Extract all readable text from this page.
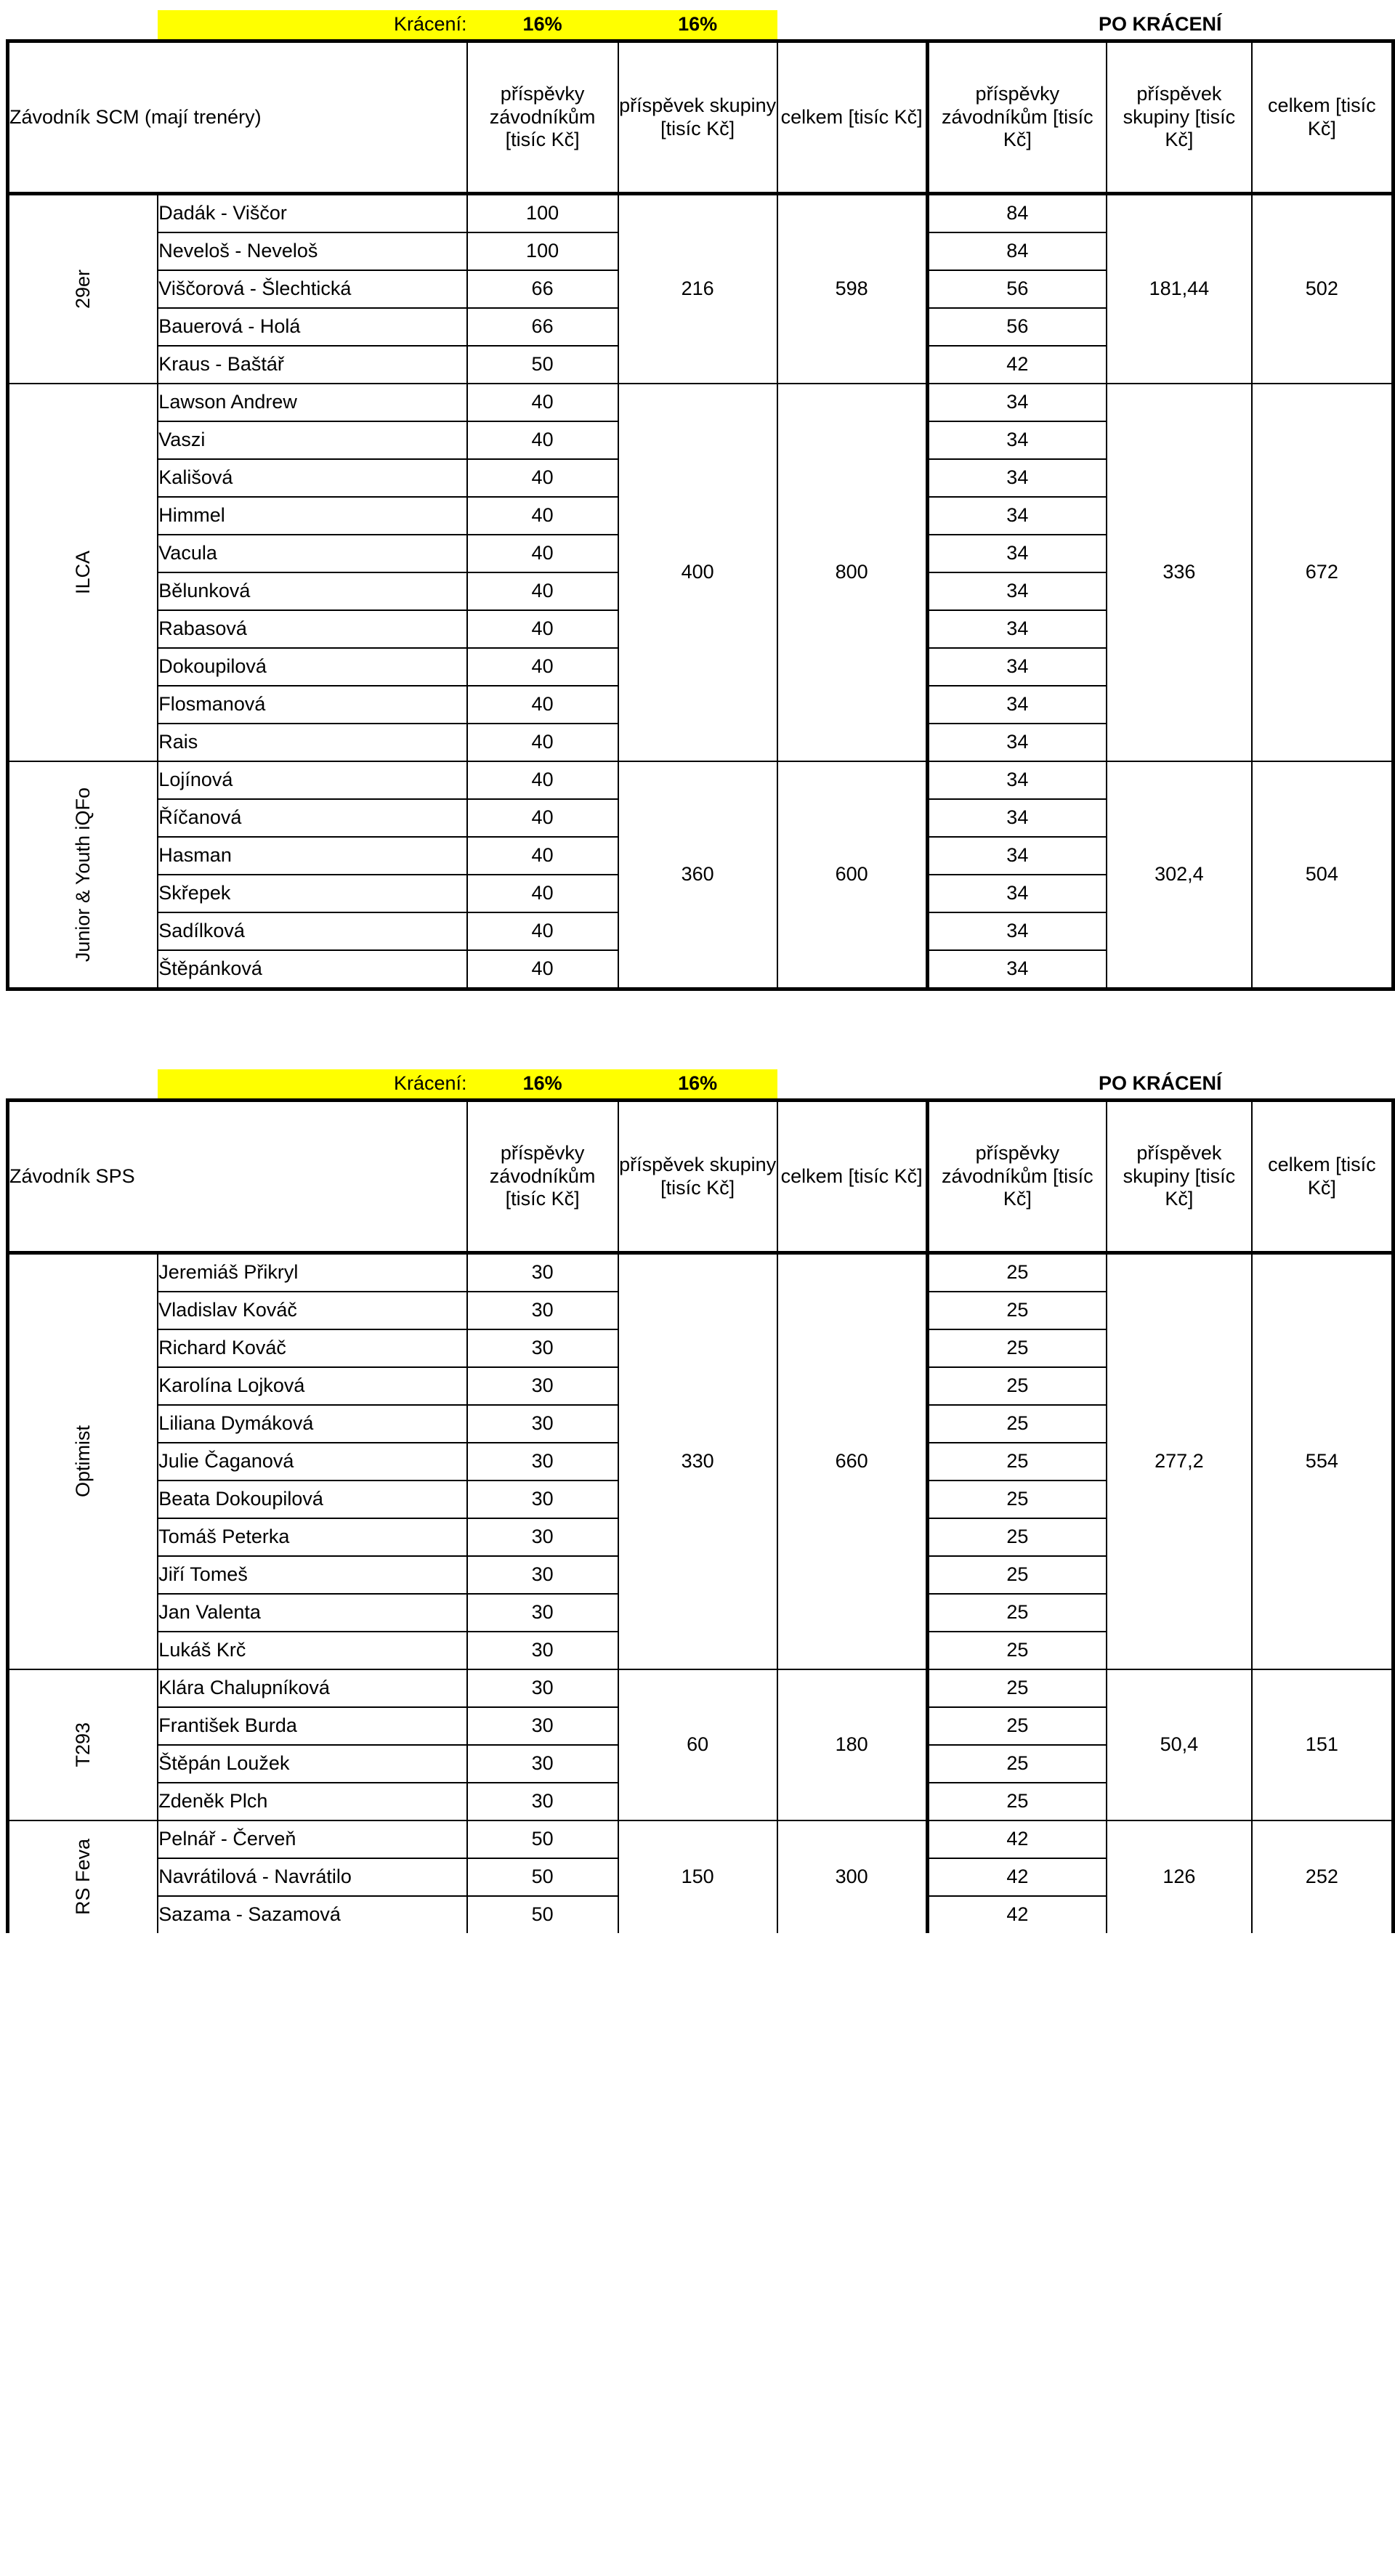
	Krácení:	16%	16%		PO KRÁCENÍ		
Závodník SCM (mají trenéry)		příspěvky závodníkům [tisíc Kč]	příspěvek skupiny [tisíc Kč]	celkem [tisíc Kč]	příspěvky závodníkům [tisíc Kč]	příspěvek skupiny [tisíc Kč]	celkem [tisíc Kč]

29er	Dadák - Viščor	100	216	598	84	181,44	502
	Neveloš - Neveloš	100			84		
	Viščorová - Šlechtická	66			56		
	Bauerová - Holá	66			56		
	Kraus - Baštář	50			42		

ILCA	Lawson Andrew	40	400	800	34	336	672
	Vaszi	40			34		
	Kališová	40			34		
	Himmel	40			34		
	Vacula	40			34		
	Bělunková	40			34		
	Rabasová	40			34		
	Dokoupilová	40			34		
	Flosmanová	40			34		
	Rais	40			34		

Junior & Youth iQFo	Lojínová	40	360	600	34	302,4	504
	Říčanová	40			34		
	Hasman	40			34		
	Skřepek	40			34		
	Sadílková	40			34		
	Štěpánková	40			34		
	Krácení:	16%	16%		PO KRÁCENÍ		
Závodník SPS		příspěvky závodníkům [tisíc Kč]	příspěvek skupiny [tisíc Kč]	celkem [tisíc Kč]	příspěvky závodníkům [tisíc Kč]	příspěvek skupiny [tisíc Kč]	celkem [tisíc Kč]

Optimist	Jeremiáš Přikryl	30	330	660	25	277,2	554
	Vladislav Kováč	30			25		
	Richard Kováč	30			25		
	Karolína Lojková	30			25		
	Liliana Dymáková	30			25		
	Julie Čaganová	30			25		
	Beata Dokoupilová	30			25		
	Tomáš Peterka	30			25		
	Jiří Tomeš	30			25		
	Jan Valenta	30			25		
	Lukáš Krč	30			25		

T293	Klára Chalupníková	30	60	180	25	50,4	151
	František Burda	30			25		
	Štěpán Loužek	30			25		
	Zdeněk Plch	30			25		

RS Feva	Pelnář - Červeň	50	150	300	42	126	252
	Navrátilová - Navrátilo	50			42		
	Sazama - Sazamová	50			42		
